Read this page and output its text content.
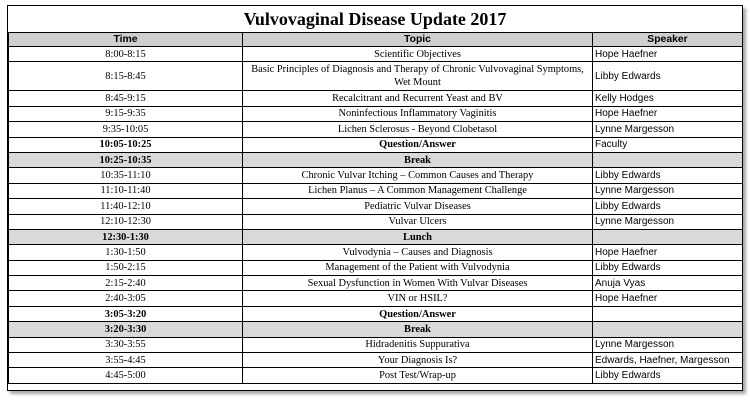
Vulvovaginal Disease Update 2017
Time	Topic	Speaker
8:00-8:15	Scientific Objectives	Hope Haefner
8:15-8:45	Basic Principles of Diagnosis and Therapy of Chronic Vulvovaginal Symptoms, Wet Mount	Libby Edwards
8:45-9:15	Recalcitrant and Recurrent Yeast and BV	Kelly Hodges
9:15-9:35	Noninfectious Inflammatory Vaginitis	Hope Haefner
9:35-10:05	Lichen Sclerosus - Beyond Clobetasol	Lynne Margesson
10:05-10:25	Question/Answer	Faculty
10:25-10:35	Break	
10:35-11:10	Chronic Vulvar Itching – Common Causes and Therapy	Libby Edwards
11:10-11:40	Lichen Planus – A Common Management Challenge	Lynne Margesson
11:40-12:10	Pediatric Vulvar Diseases	Libby Edwards
12:10-12:30	Vulvar Ulcers	Lynne Margesson
12:30-1:30	Lunch	
1:30-1:50	Vulvodynia – Causes and Diagnosis	Hope Haefner
1:50-2:15	Management of the Patient with Vulvodynia	Libby Edwards
2:15-2:40	Sexual Dysfunction in Women With Vulvar Diseases	Anuja Vyas
2:40-3:05	VIN or HSIL?	Hope Haefner
3:05-3:20	Question/Answer	
3:20-3:30	Break	
3:30-3:55	Hidradenitis Suppurativa	Lynne Margesson
3:55-4:45	Your Diagnosis Is?	Edwards, Haefner, Margesson
4:45-5:00	Post Test/Wrap-up	Libby Edwards
